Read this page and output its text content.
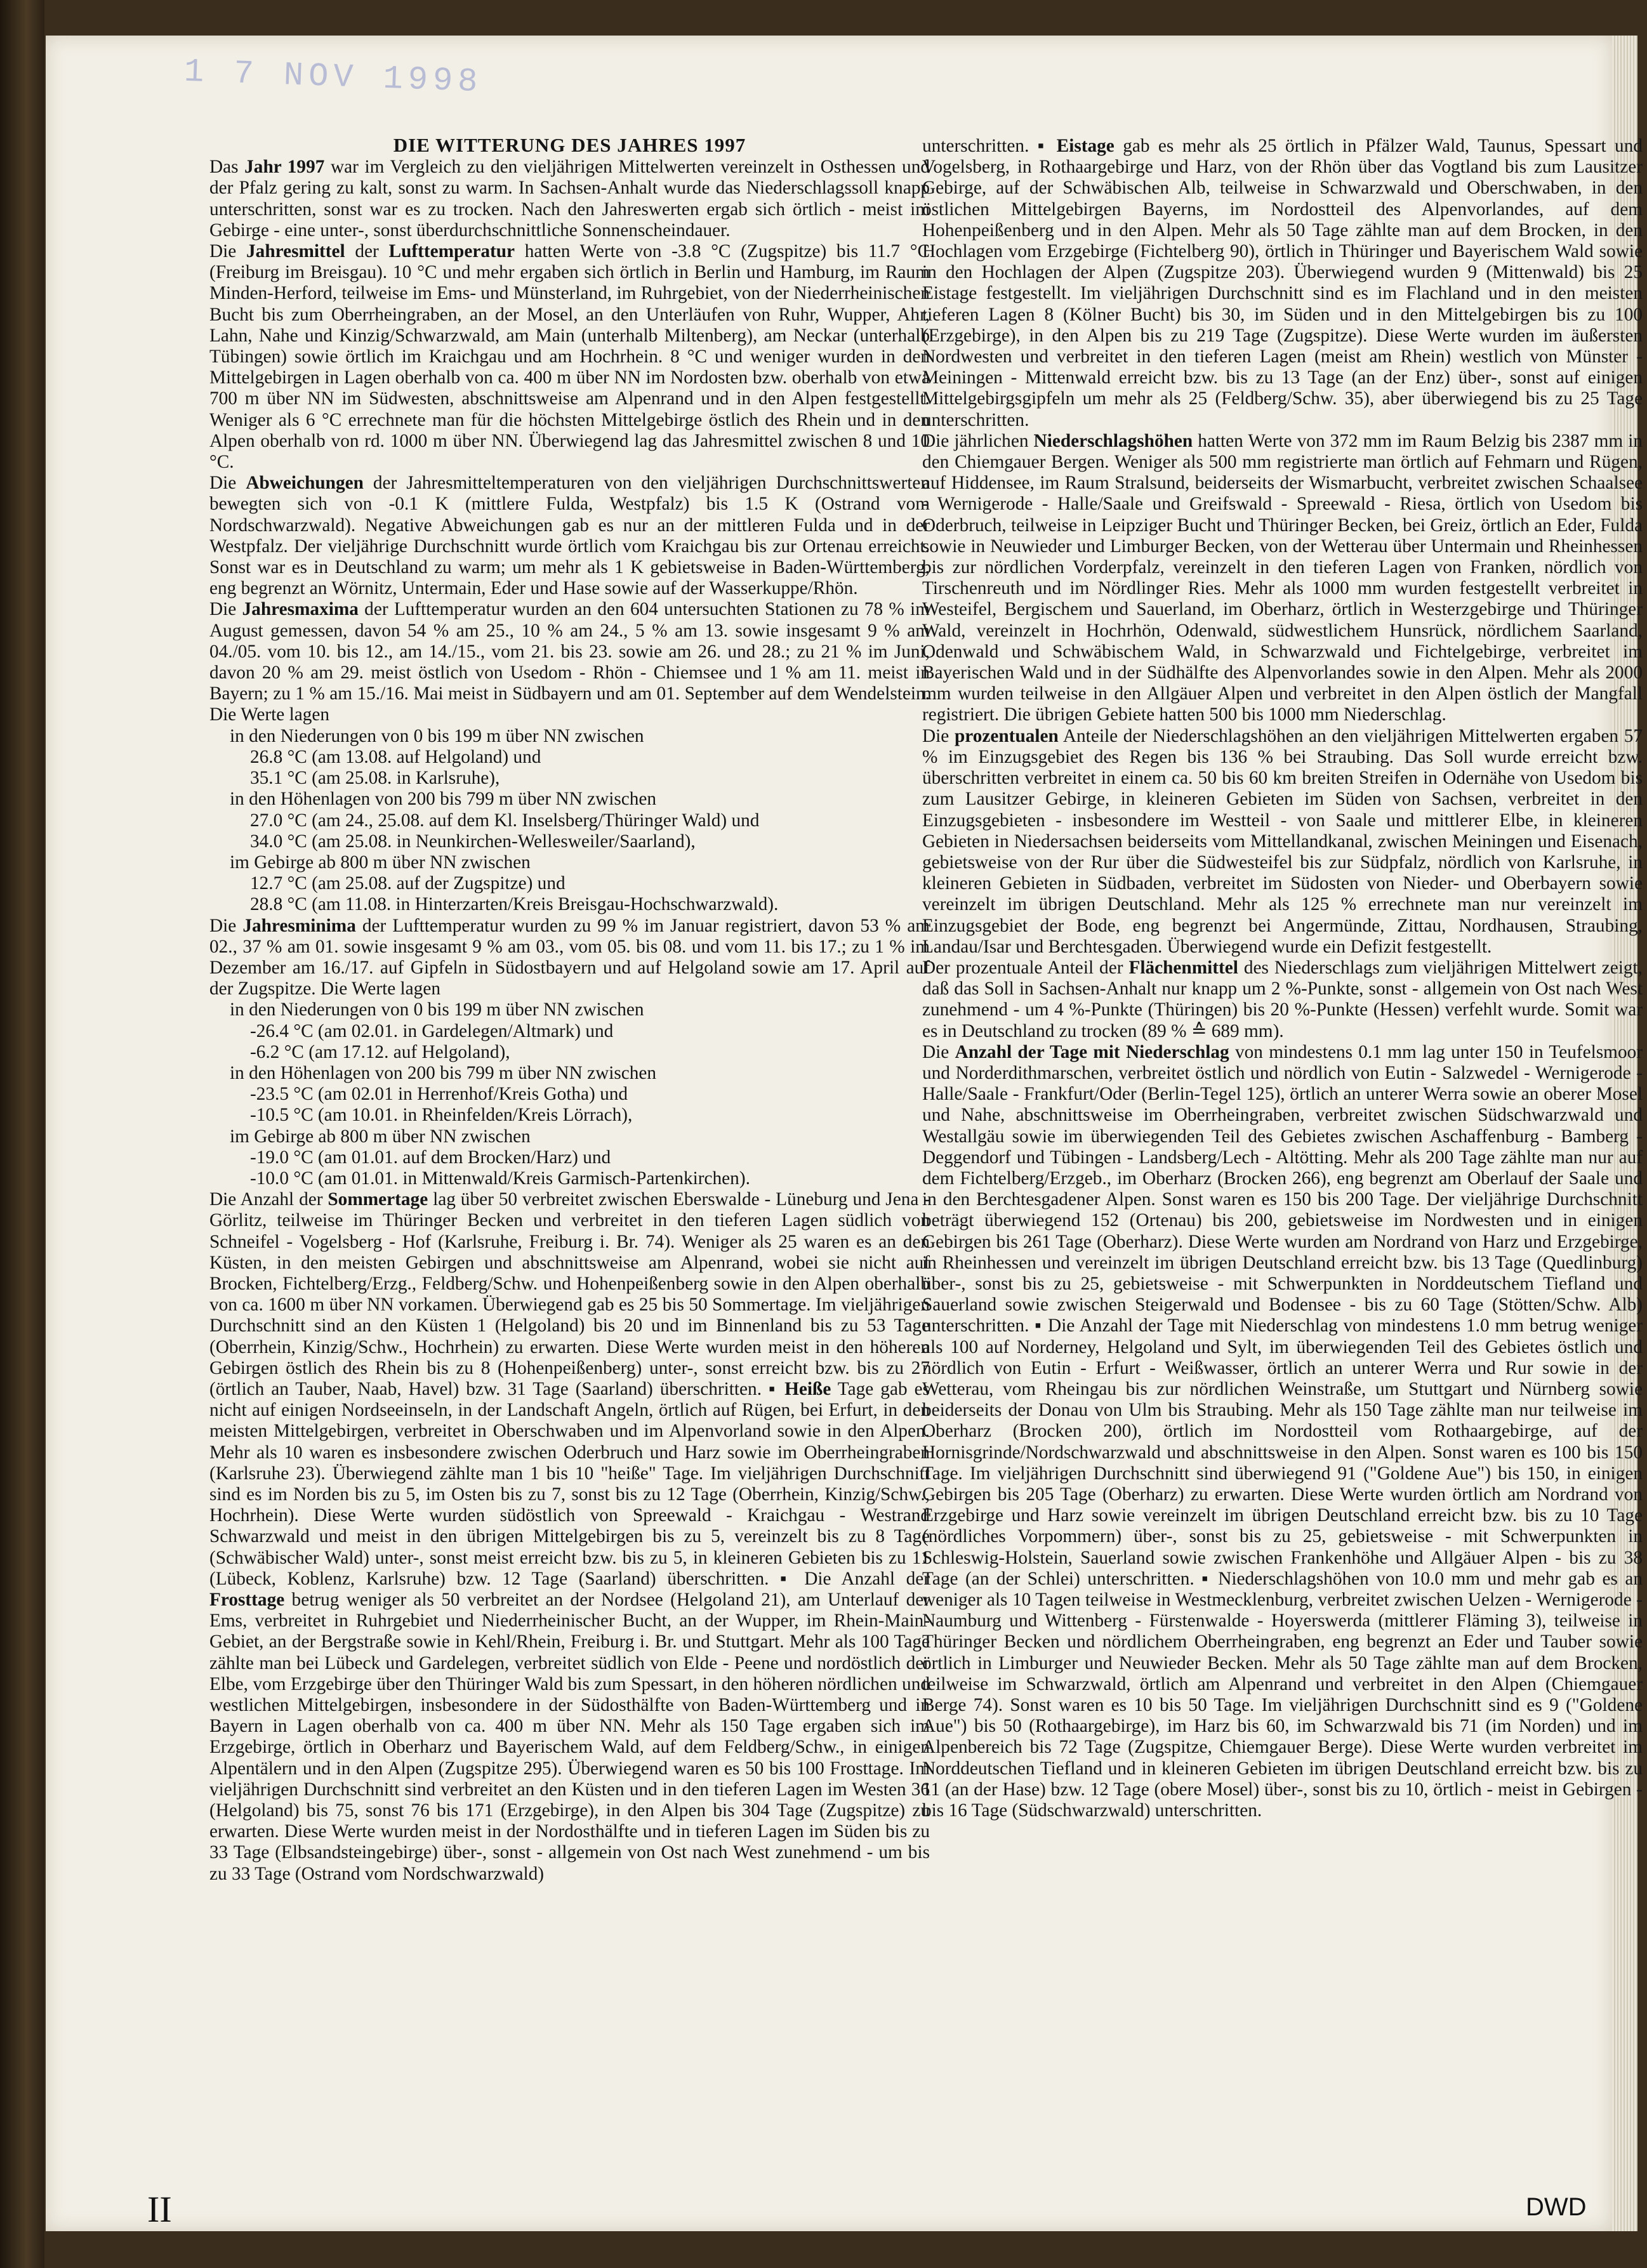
1 7 NOV 1998
DIE WITTERUNG DES JAHRES 1997

Das Jahr 1997 war im Vergleich zu den vieljährigen Mittelwerten vereinzelt in Osthessen und der Pfalz gering zu kalt, sonst zu warm. In Sachsen-Anhalt wurde das Niederschlagssoll knapp unterschritten, sonst war es zu trocken. Nach den Jahreswerten ergab sich örtlich - meist im Gebirge - eine unter-, sonst überdurchschnittliche Sonnenscheindauer.

Die Jahresmittel der Lufttemperatur hatten Werte von -3.8 °C (Zugspitze) bis 11.7 °C (Freiburg im Breisgau). 10 °C und mehr ergaben sich örtlich in Berlin und Hamburg, im Raum Minden-Herford, teilweise im Ems- und Münsterland, im Ruhrgebiet, von der Niederrheinischen Bucht bis zum Oberrheingraben, an der Mosel, an den Unterläufen von Ruhr, Wupper, Ahr, Lahn, Nahe und Kinzig/Schwarzwald, am Main (unterhalb Miltenberg), am Neckar (unterhalb Tübingen) sowie örtlich im Kraichgau und am Hochrhein. 8 °C und weniger wurden in den Mittelgebirgen in Lagen oberhalb von ca. 400 m über NN im Nordosten bzw. oberhalb von etwa 700 m über NN im Südwesten, abschnittsweise am Alpenrand und in den Alpen festgestellt. Weniger als 6 °C errechnete man für die höchsten Mittelgebirge östlich des Rhein und in den Alpen oberhalb von rd. 1000 m über NN. Überwiegend lag das Jahresmittel zwischen 8 und 10 °C.

Die Abweichungen der Jahresmitteltemperaturen von den vieljährigen Durchschnittswerten bewegten sich von -0.1 K (mittlere Fulda, Westpfalz) bis 1.5 K (Ostrand vom Nordschwarzwald). Negative Abweichungen gab es nur an der mittleren Fulda und in der Westpfalz. Der vieljährige Durchschnitt wurde örtlich vom Kraichgau bis zur Ortenau erreicht. Sonst war es in Deutschland zu warm; um mehr als 1 K gebietsweise in Baden-Württemberg, eng begrenzt an Wörnitz, Untermain, Eder und Hase sowie auf der Wasserkuppe/Rhön.

Die Jahresmaxima der Lufttemperatur wurden an den 604 untersuchten Stationen zu 78 % im August gemessen, davon 54 % am 25., 10 % am 24., 5 % am 13. sowie insgesamt 9 % am 04./05. vom 10. bis 12., am 14./15., vom 21. bis 23. sowie am 26. und 28.; zu 21 % im Juni, davon 20 % am 29. meist östlich von Usedom - Rhön - Chiemsee und 1 % am 11. meist in Bayern; zu 1 % am 15./16. Mai meist in Südbayern und am 01. September auf dem Wendelstein. Die Werte lagen

in den Niederungen von 0 bis 199 m über NN zwischen

26.8 °C (am 13.08. auf Helgoland) und

35.1 °C (am 25.08. in Karlsruhe),

in den Höhenlagen von 200 bis 799 m über NN zwischen

27.0 °C (am 24., 25.08. auf dem Kl. Inselsberg/Thüringer Wald) und

34.0 °C (am 25.08. in Neunkirchen-Wellesweiler/Saarland),

im Gebirge ab 800 m über NN zwischen

12.7 °C (am 25.08. auf der Zugspitze) und

28.8 °C (am 11.08. in Hinterzarten/Kreis Breisgau-Hochschwarzwald).

Die Jahresminima der Lufttemperatur wurden zu 99 % im Januar registriert, davon 53 % am 02., 37 % am 01. sowie insgesamt 9 % am 03., vom 05. bis 08. und vom 11. bis 17.; zu 1 % im Dezember am 16./17. auf Gipfeln in Südostbayern und auf Helgoland sowie am 17. April auf der Zugspitze. Die Werte lagen

in den Niederungen von 0 bis 199 m über NN zwischen

-26.4 °C (am 02.01. in Gardelegen/Altmark) und

-6.2 °C (am 17.12. auf Helgoland),

in den Höhenlagen von 200 bis 799 m über NN zwischen

-23.5 °C (am 02.01 in Herrenhof/Kreis Gotha) und

-10.5 °C (am 10.01. in Rheinfelden/Kreis Lörrach),

im Gebirge ab 800 m über NN zwischen

-19.0 °C (am 01.01. auf dem Brocken/Harz) und

-10.0 °C (am 01.01. in Mittenwald/Kreis Garmisch-Partenkirchen).

Die Anzahl der Sommertage lag über 50 verbreitet zwischen Eberswalde - Lüneburg und Jena - Görlitz, teilweise im Thüringer Becken und verbreitet in den tieferen Lagen südlich von Schneifel - Vogelsberg - Hof (Karlsruhe, Freiburg i. Br. 74). Weniger als 25 waren es an den Küsten, in den meisten Gebirgen und abschnittsweise am Alpenrand, wobei sie nicht auf Brocken, Fichtelberg/Erzg., Feldberg/Schw. und Hohenpeißenberg sowie in den Alpen oberhalb von ca. 1600 m über NN vorkamen. Überwiegend gab es 25 bis 50 Sommertage. Im vieljährigen Durchschnitt sind an den Küsten 1 (Helgoland) bis 20 und im Binnenland bis zu 53 Tage (Oberrhein, Kinzig/Schw., Hochrhein) zu erwarten. Diese Werte wurden meist in den höheren Gebirgen östlich des Rhein bis zu 8 (Hohenpeißenberg) unter-, sonst erreicht bzw. bis zu 27 (örtlich an Tauber, Naab, Havel) bzw. 31 Tage (Saarland) überschritten. ▪ Heiße Tage gab es nicht auf einigen Nordseeinseln, in der Landschaft Angeln, örtlich auf Rügen, bei Erfurt, in den meisten Mittelgebirgen, verbreitet in Oberschwaben und im Alpenvorland sowie in den Alpen. Mehr als 10 waren es insbesondere zwischen Oderbruch und Harz sowie im Oberrheingraben (Karlsruhe 23). Überwiegend zählte man 1 bis 10 "heiße" Tage. Im vieljährigen Durchschnitt sind es im Norden bis zu 5, im Osten bis zu 7, sonst bis zu 12 Tage (Oberrhein, Kinzig/Schw., Hochrhein). Diese Werte wurden südöstlich von Spreewald - Kraichgau - Westrand Schwarzwald und meist in den übrigen Mittelgebirgen bis zu 5, vereinzelt bis zu 8 Tage (Schwäbischer Wald) unter-, sonst meist erreicht bzw. bis zu 5, in kleineren Gebieten bis zu 11 (Lübeck, Koblenz, Karlsruhe) bzw. 12 Tage (Saarland) überschritten. ▪ Die Anzahl der Frosttage betrug weniger als 50 verbreitet an der Nordsee (Helgoland 21), am Unterlauf der Ems, verbreitet in Ruhrgebiet und Niederrheinischer Bucht, an der Wupper, im Rhein-Main-Gebiet, an der Bergstraße sowie in Kehl/Rhein, Freiburg i. Br. und Stuttgart. Mehr als 100 Tage zählte man bei Lübeck und Gardelegen, verbreitet südlich von Elde - Peene und nordöstlich der Elbe, vom Erzgebirge über den Thüringer Wald bis zum Spessart, in den höheren nördlichen und westlichen Mittelgebirgen, insbesondere in der Südosthälfte von Baden-Württemberg und in Bayern in Lagen oberhalb von ca. 400 m über NN. Mehr als 150 Tage ergaben sich im Erzgebirge, örtlich in Oberharz und Bayerischem Wald, auf dem Feldberg/Schw., in einigen Alpentälern und in den Alpen (Zugspitze 295). Überwiegend waren es 50 bis 100 Frosttage. Im vieljährigen Durchschnitt sind verbreitet an den Küsten und in den tieferen Lagen im Westen 36 (Helgoland) bis 75, sonst 76 bis 171 (Erzgebirge), in den Alpen bis 304 Tage (Zugspitze) zu erwarten. Diese Werte wurden meist in der Nordosthälfte und in tieferen Lagen im Süden bis zu 33 Tage (Elbsandsteingebirge) über-, sonst - allgemein von Ost nach West zunehmend - um bis zu 33 Tage (Ostrand vom Nordschwarzwald)

unterschritten. ▪ Eistage gab es mehr als 25 örtlich in Pfälzer Wald, Taunus, Spessart und Vogelsberg, in Rothaargebirge und Harz, von der Rhön über das Vogtland bis zum Lausitzer Gebirge, auf der Schwäbischen Alb, teilweise in Schwarzwald und Oberschwaben, in den östlichen Mittelgebirgen Bayerns, im Nordostteil des Alpenvorlandes, auf dem Hohenpeißenberg und in den Alpen. Mehr als 50 Tage zählte man auf dem Brocken, in den Hochlagen vom Erzgebirge (Fichtelberg 90), örtlich in Thüringer und Bayerischem Wald sowie in den Hochlagen der Alpen (Zugspitze 203). Überwiegend wurden 9 (Mittenwald) bis 25 Eistage festgestellt. Im vieljährigen Durchschnitt sind es im Flachland und in den meisten tieferen Lagen 8 (Kölner Bucht) bis 30, im Süden und in den Mittelgebirgen bis zu 100 (Erzgebirge), in den Alpen bis zu 219 Tage (Zugspitze). Diese Werte wurden im äußersten Nordwesten und verbreitet in den tieferen Lagen (meist am Rhein) westlich von Münster - Meiningen - Mittenwald erreicht bzw. bis zu 13 Tage (an der Enz) über-, sonst auf einigen Mittelgebirgsgipfeln um mehr als 25 (Feldberg/Schw. 35), aber überwiegend bis zu 25 Tage unterschritten.

Die jährlichen Niederschlagshöhen hatten Werte von 372 mm im Raum Belzig bis 2387 mm in den Chiemgauer Bergen. Weniger als 500 mm registrierte man örtlich auf Fehmarn und Rügen, auf Hiddensee, im Raum Stralsund, beiderseits der Wismarbucht, verbreitet zwischen Schaalsee - Wernigerode - Halle/Saale und Greifswald - Spreewald - Riesa, örtlich von Usedom bis Oderbruch, teilweise in Leipziger Bucht und Thüringer Becken, bei Greiz, örtlich an Eder, Fulda sowie in Neuwieder und Limburger Becken, von der Wetterau über Untermain und Rheinhessen bis zur nördlichen Vorderpfalz, vereinzelt in den tieferen Lagen von Franken, nördlich von Tirschenreuth und im Nördlinger Ries. Mehr als 1000 mm wurden festgestellt verbreitet in Westeifel, Bergischem und Sauerland, im Oberharz, örtlich in Westerzgebirge und Thüringer Wald, vereinzelt in Hochrhön, Odenwald, südwestlichem Hunsrück, nördlichem Saarland, Odenwald und Schwäbischem Wald, in Schwarzwald und Fichtelgebirge, verbreitet im Bayerischen Wald und in der Südhälfte des Alpenvorlandes sowie in den Alpen. Mehr als 2000 mm wurden teilweise in den Allgäuer Alpen und verbreitet in den Alpen östlich der Mangfall registriert. Die übrigen Gebiete hatten 500 bis 1000 mm Niederschlag.

Die prozentualen Anteile der Niederschlagshöhen an den vieljährigen Mittelwerten ergaben 57 % im Einzugsgebiet des Regen bis 136 % bei Straubing. Das Soll wurde erreicht bzw. überschritten verbreitet in einem ca. 50 bis 60 km breiten Streifen in Odernähe von Usedom bis zum Lausitzer Gebirge, in kleineren Gebieten im Süden von Sachsen, verbreitet in den Einzugsgebieten - insbesondere im Westteil - von Saale und mittlerer Elbe, in kleineren Gebieten in Niedersachsen beiderseits vom Mittellandkanal, zwischen Meiningen und Eisenach, gebietsweise von der Rur über die Südwesteifel bis zur Südpfalz, nördlich von Karlsruhe, in kleineren Gebieten in Südbaden, verbreitet im Südosten von Nieder- und Oberbayern sowie vereinzelt im übrigen Deutschland. Mehr als 125 % errechnete man nur vereinzelt im Einzugsgebiet der Bode, eng begrenzt bei Angermünde, Zittau, Nordhausen, Straubing, Landau/Isar und Berchtesgaden. Überwiegend wurde ein Defizit festgestellt.

Der prozentuale Anteil der Flächenmittel des Niederschlags zum vieljährigen Mittelwert zeigt, daß das Soll in Sachsen-Anhalt nur knapp um 2 %-Punkte, sonst - allgemein von Ost nach West zunehmend - um 4 %-Punkte (Thüringen) bis 20 %-Punkte (Hessen) verfehlt wurde. Somit war es in Deutschland zu trocken (89 % ≙ 689 mm).

Die Anzahl der Tage mit Niederschlag von mindestens 0.1 mm lag unter 150 in Teufelsmoor und Norderdithmarschen, verbreitet östlich und nördlich von Eutin - Salzwedel - Wernigerode - Halle/Saale - Frankfurt/Oder (Berlin-Tegel 125), örtlich an unterer Werra sowie an oberer Mosel und Nahe, abschnittsweise im Oberrheingraben, verbreitet zwischen Südschwarzwald und Westallgäu sowie im überwiegenden Teil des Gebietes zwischen Aschaffenburg - Bamberg - Deggendorf und Tübingen - Landsberg/Lech - Altötting. Mehr als 200 Tage zählte man nur auf dem Fichtelberg/Erzgeb., im Oberharz (Brocken 266), eng begrenzt am Oberlauf der Saale und in den Berchtesgadener Alpen. Sonst waren es 150 bis 200 Tage. Der vieljährige Durchschnitt beträgt überwiegend 152 (Ortenau) bis 200, gebietsweise im Nordwesten und in einigen Gebirgen bis 261 Tage (Oberharz). Diese Werte wurden am Nordrand von Harz und Erzgebirge, in Rheinhessen und vereinzelt im übrigen Deutschland erreicht bzw. bis 13 Tage (Quedlinburg) über-, sonst bis zu 25, gebietsweise - mit Schwerpunkten in Norddeutschem Tiefland und Sauerland sowie zwischen Steigerwald und Bodensee - bis zu 60 Tage (Stötten/Schw. Alb) unterschritten. ▪ Die Anzahl der Tage mit Niederschlag von mindestens 1.0 mm betrug weniger als 100 auf Norderney, Helgoland und Sylt, im überwiegenden Teil des Gebietes östlich und nördlich von Eutin - Erfurt - Weißwasser, örtlich an unterer Werra und Rur sowie in der Wetterau, vom Rheingau bis zur nördlichen Weinstraße, um Stuttgart und Nürnberg sowie beiderseits der Donau von Ulm bis Straubing. Mehr als 150 Tage zählte man nur teilweise im Oberharz (Brocken 200), örtlich im Nordostteil vom Rothaargebirge, auf der Hornisgrinde/Nordschwarzwald und abschnittsweise in den Alpen. Sonst waren es 100 bis 150 Tage. Im vieljährigen Durchschnitt sind überwiegend 91 ("Goldene Aue") bis 150, in einigen Gebirgen bis 205 Tage (Oberharz) zu erwarten. Diese Werte wurden örtlich am Nordrand von Erzgebirge und Harz sowie vereinzelt im übrigen Deutschland erreicht bzw. bis zu 10 Tage (nördliches Vorpommern) über-, sonst bis zu 25, gebietsweise - mit Schwerpunkten in Schleswig-Holstein, Sauerland sowie zwischen Frankenhöhe und Allgäuer Alpen - bis zu 38 Tage (an der Schlei) unterschritten. ▪ Niederschlagshöhen von 10.0 mm und mehr gab es an weniger als 10 Tagen teilweise in Westmecklenburg, verbreitet zwischen Uelzen - Wernigerode - Naumburg und Wittenberg - Fürstenwalde - Hoyerswerda (mittlerer Fläming 3), teilweise in Thüringer Becken und nördlichem Oberrheingraben, eng begrenzt an Eder und Tauber sowie örtlich in Limburger und Neuwieder Becken. Mehr als 50 Tage zählte man auf dem Brocken, teilweise im Schwarzwald, örtlich am Alpenrand und verbreitet in den Alpen (Chiemgauer Berge 74). Sonst waren es 10 bis 50 Tage. Im vieljährigen Durchschnitt sind es 9 ("Goldene Aue") bis 50 (Rothaargebirge), im Harz bis 60, im Schwarzwald bis 71 (im Norden) und im Alpenbereich bis 72 Tage (Zugspitze, Chiemgauer Berge). Diese Werte wurden verbreitet im Norddeutschen Tiefland und in kleineren Gebieten im übrigen Deutschland erreicht bzw. bis zu 11 (an der Hase) bzw. 12 Tage (obere Mosel) über-, sonst bis zu 10, örtlich - meist in Gebirgen - bis 16 Tage (Südschwarzwald) unterschritten.

II	DWD
